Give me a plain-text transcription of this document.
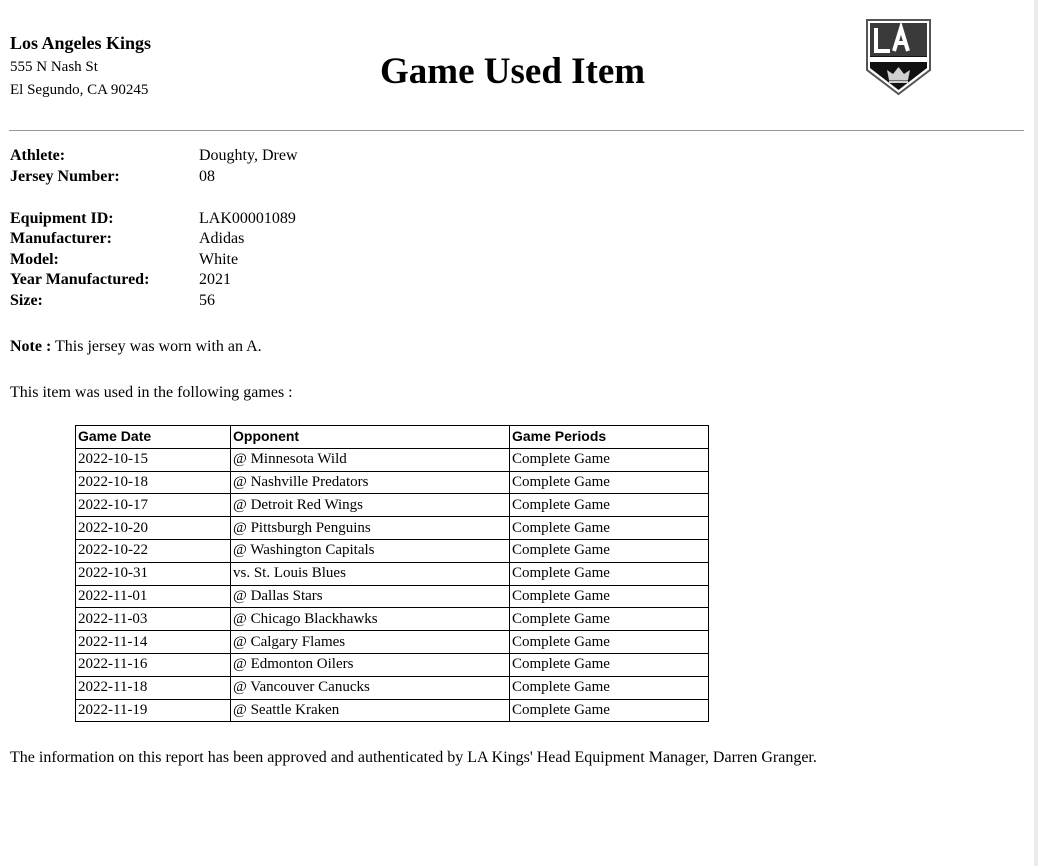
Los Angeles Kings
555 N Nash St
El Segundo, CA 90245	Game Used Item
Athlete:	Doughty, Drew
Jersey Number:	08
Equipment ID:	LAK00001089
Manufacturer:	Adidas
Model:	White
Year Manufactured:	2021
Size:	56
Note : This jersey was worn with an A.
This item was used in the following games :
Game Date	Opponent	Game Periods
2022-10-15	@ Minnesota Wild	Complete Game
2022-10-18	@ Nashville Predators	Complete Game
2022-10-17	@ Detroit Red Wings	Complete Game
2022-10-20	@ Pittsburgh Penguins	Complete Game
2022-10-22	@ Washington Capitals	Complete Game
2022-10-31	vs. St. Louis Blues	Complete Game
2022-11-01	@ Dallas Stars	Complete Game
2022-11-03	@ Chicago Blackhawks	Complete Game
2022-11-14	@ Calgary Flames	Complete Game
2022-11-16	@ Edmonton Oilers	Complete Game
2022-11-18	@ Vancouver Canucks	Complete Game
2022-11-19	@ Seattle Kraken	Complete Game
The information on this report has been approved and authenticated by LA Kings' Head Equipment Manager, Darren Granger.
